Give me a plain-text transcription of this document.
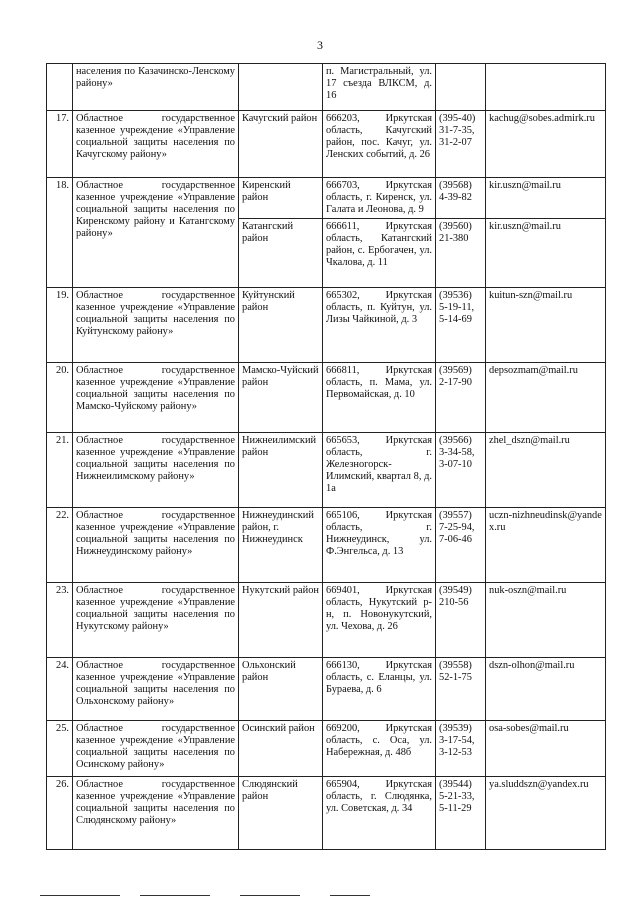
3
	населения по Казачинско-Ленскому району»		п. Магистральный, ул. 17 съезда ВЛКСМ, д. 16		
17.	Областное государственное казенное учреждение «Управление социальной защиты населения по Качугскому району»	Качугский район	666203, Иркутская область, Качугский район, пос. Качуг, ул. Ленских событий, д. 26	(395-40)
31-7-35,
31-2-07	kachug@sobes.admirk.ru
18.	Областное государственное казенное учреждение «Управление социальной защиты населения по Киренскому району и Катангскому району»	Киренский район	666703, Иркутская область, г. Киренск, ул. Галата и Леонова, д. 9	(39568)
4-39-82	kir.uszn@mail.ru
		Катангский район	666611, Иркутская область, Катангский район, с. Ербогачен, ул. Чкалова, д. 11	(39560)
21-380	kir.uszn@mail.ru
19.	Областное государственное казенное учреждение «Управление социальной защиты населения по Куйтунскому району»	Куйтунский район	665302, Иркутская область, п. Куйтун, ул. Лизы Чайкиной, д. 3	(39536)
5-19-11,
5-14-69	kuitun-szn@mail.ru
20.	Областное государственное казенное учреждение «Управление социальной защиты населения по Мамско-Чуйскому району»	Мамско-Чуйский район	666811, Иркутская область, п. Мама, ул. Первомайская, д. 10	(39569)
2-17-90	depsozmam@mail.ru
21.	Областное государственное казенное учреждение «Управление социальной защиты населения по Нижнеилимскому району»	Нижнеилимский район	665653, Иркутская область, г. Железногорск-Илимский, квартал 8, д. 1а	(39566)
3-34-58,
3-07-10	zhel_dszn@mail.ru
22.	Областное государственное казенное учреждение «Управление социальной защиты населения по Нижнеудинскому району»	Нижнеудинский район, г. Нижнеудинск	665106, Иркутская область, г. Нижнеудинск, ул. Ф.Энгельса, д. 13	(39557)
7-25-94,
7-06-46	uczn-nizhneudinsk@yandex.ru
23.	Областное государственное казенное учреждение «Управление социальной защиты населения по Нукутскому району»	Нукутский район	669401, Иркутская область, Нукутский р-н, п. Новонукутский, ул. Чехова, д. 26	(39549)
210-56	nuk-oszn@mail.ru
24.	Областное государственное казенное учреждение «Управление социальной защиты населения по Ольхонскому району»	Ольхонский район	666130, Иркутская область, с. Еланцы, ул. Бураева, д. 6	(39558)
52-1-75	dszn-olhon@mail.ru
25.	Областное государственное казенное учреждение «Управление социальной защиты населения по Осинскому району»	Осинский район	669200, Иркутская область, с. Оса, ул. Набережная, д. 48б	(39539)
3-17-54,
3-12-53	osa-sobes@mail.ru
26.	Областное государственное казенное учреждение «Управление социальной защиты населения по Слюдянскому району»	Слюдянский район	665904, Иркутская область, г. Слюдянка, ул. Советская, д. 34	(39544)
5-21-33,
5-11-29	ya.sluddszn@yandex.ru
